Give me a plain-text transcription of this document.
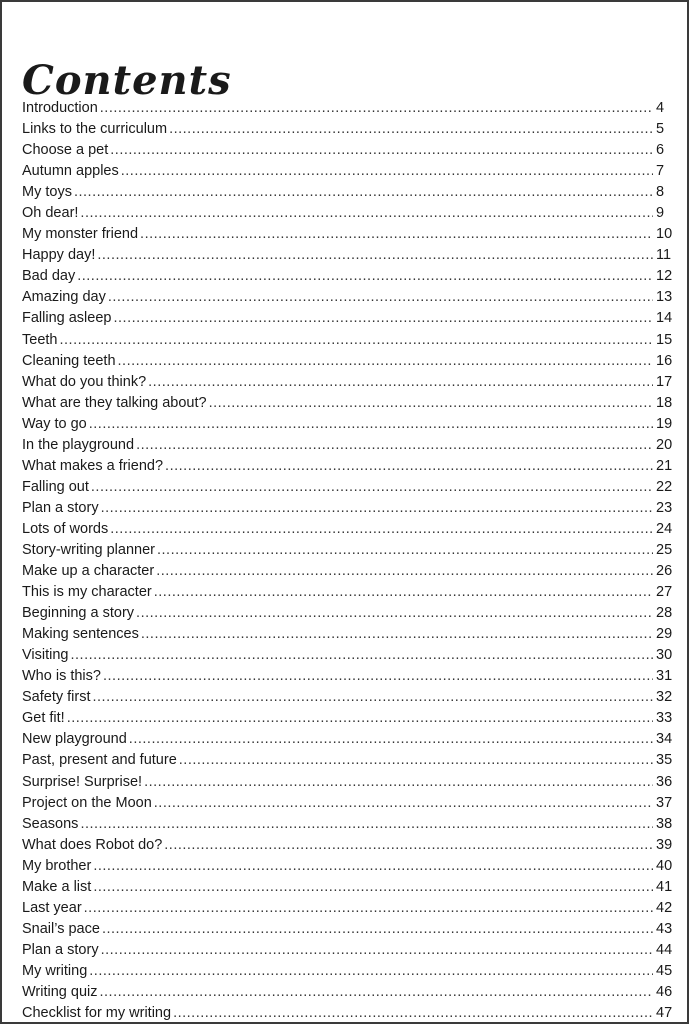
Contents
Introduction .....	4
Links to the curriculum .....	5
Choose a pet .....	6
Autumn apples .....	7
My toys .....	8
Oh dear! .....	9
My monster friend .....	10
Happy day! .....	11
Bad day .....	12
Amazing day .....	13
Falling asleep .....	14
Teeth .....	15
Cleaning teeth .....	16
What do you think? .....	17
What are they talking about? .....	18
Way to go .....	19
In the playground .....	20
What makes a friend? .....	21
Falling out .....	22
Plan a story .....	23
Lots of words .....	24
Story-writing planner .....	25
Make up a character .....	26
This is my character .....	27
Beginning a story .....	28
Making sentences .....	29
Visiting .....	30
Who is this? .....	31
Safety first .....	32
Get fit! .....	33
New playground .....	34
Past, present and future .....	35
Surprise! Surprise! .....	36
Project on the Moon .....	37
Seasons .....	38
What does Robot do? .....	39
My brother .....	40
Make a list .....	41
Last year .....	42
Snail’s pace .....	43
Plan a story .....	44
My writing .....	45
Writing quiz .....	46
Checklist for my writing .....	47
